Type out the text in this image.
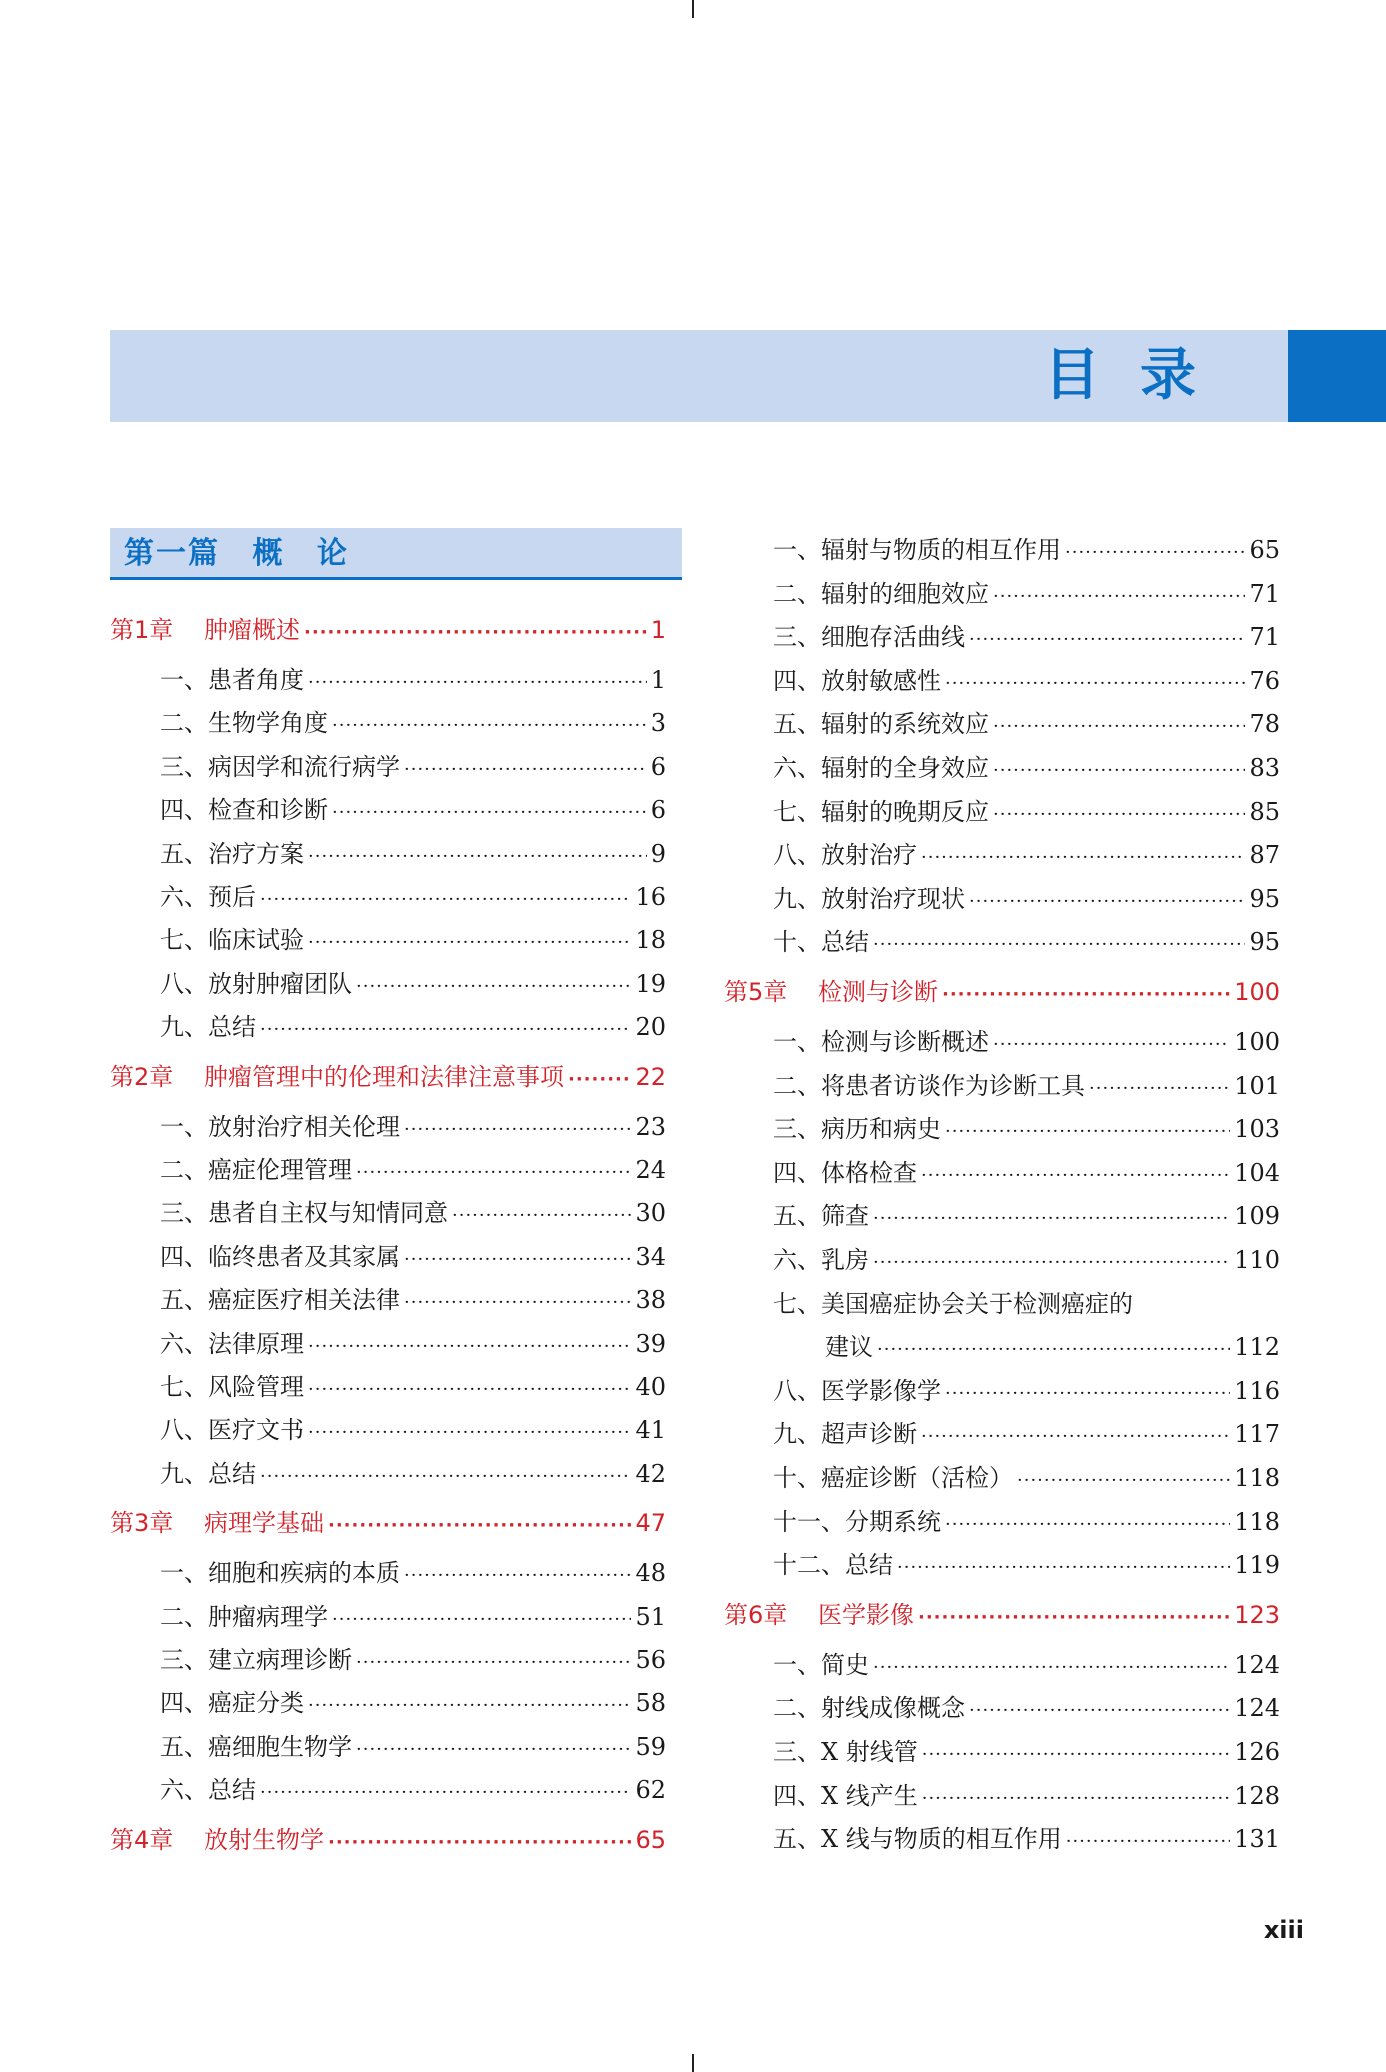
目录
第一篇 概 论
第1章 肿瘤概述 ·····	1
一、患者角度 ·····	1
二、生物学角度 ·····	3
三、病因学和流行病学 ·····	6
四、检查和诊断 ·····	6
五、治疗方案 ·····	9
六、预后 ·····	16
七、临床试验 ·····	18
八、放射肿瘤团队 ·····	19
九、总结 ·····	20
第2章 肿瘤管理中的伦理和法律注意事项 ·····	22
一、放射治疗相关伦理 ·····	23
二、癌症伦理管理 ·····	24
三、患者自主权与知情同意 ·····	30
四、临终患者及其家属 ·····	34
五、癌症医疗相关法律 ·····	38
六、法律原理 ·····	39
七、风险管理 ·····	40
八、医疗文书 ·····	41
九、总结 ·····	42
第3章 病理学基础 ·····	47
一、细胞和疾病的本质 ·····	48
二、肿瘤病理学 ·····	51
三、建立病理诊断 ·····	56
四、癌症分类 ·····	58
五、癌细胞生物学 ·····	59
六、总结 ·····	62
第4章 放射生物学 ·····	65
一、辐射与物质的相互作用 ·····	65
二、辐射的细胞效应 ·····	71
三、细胞存活曲线 ·····	71
四、放射敏感性 ·····	76
五、辐射的系统效应 ·····	78
六、辐射的全身效应 ·····	83
七、辐射的晚期反应 ·····	85
八、放射治疗 ·····	87
九、放射治疗现状 ·····	95
十、总结 ·····	95
第5章 检测与诊断 ·····	100
一、检测与诊断概述 ·····	100
二、将患者访谈作为诊断工具 ·····	101
三、病历和病史 ·····	103
四、体格检查 ·····	104
五、筛查 ·····	109
六、乳房 ·····	110
七、美国癌症协会关于检测癌症的
建议 ·····	112
八、医学影像学 ·····	116
九、超声诊断 ·····	117
十、癌症诊断（活检） ·····	118
十一、分期系统 ·····	118
十二、总结 ·····	119
第6章 医学影像 ·····	123
一、简史 ·····	124
二、射线成像概念 ·····	124
三、X 射线管 ·····	126
四、X 线产生 ·····	128
五、X 线与物质的相互作用 ·····	131
xiii
